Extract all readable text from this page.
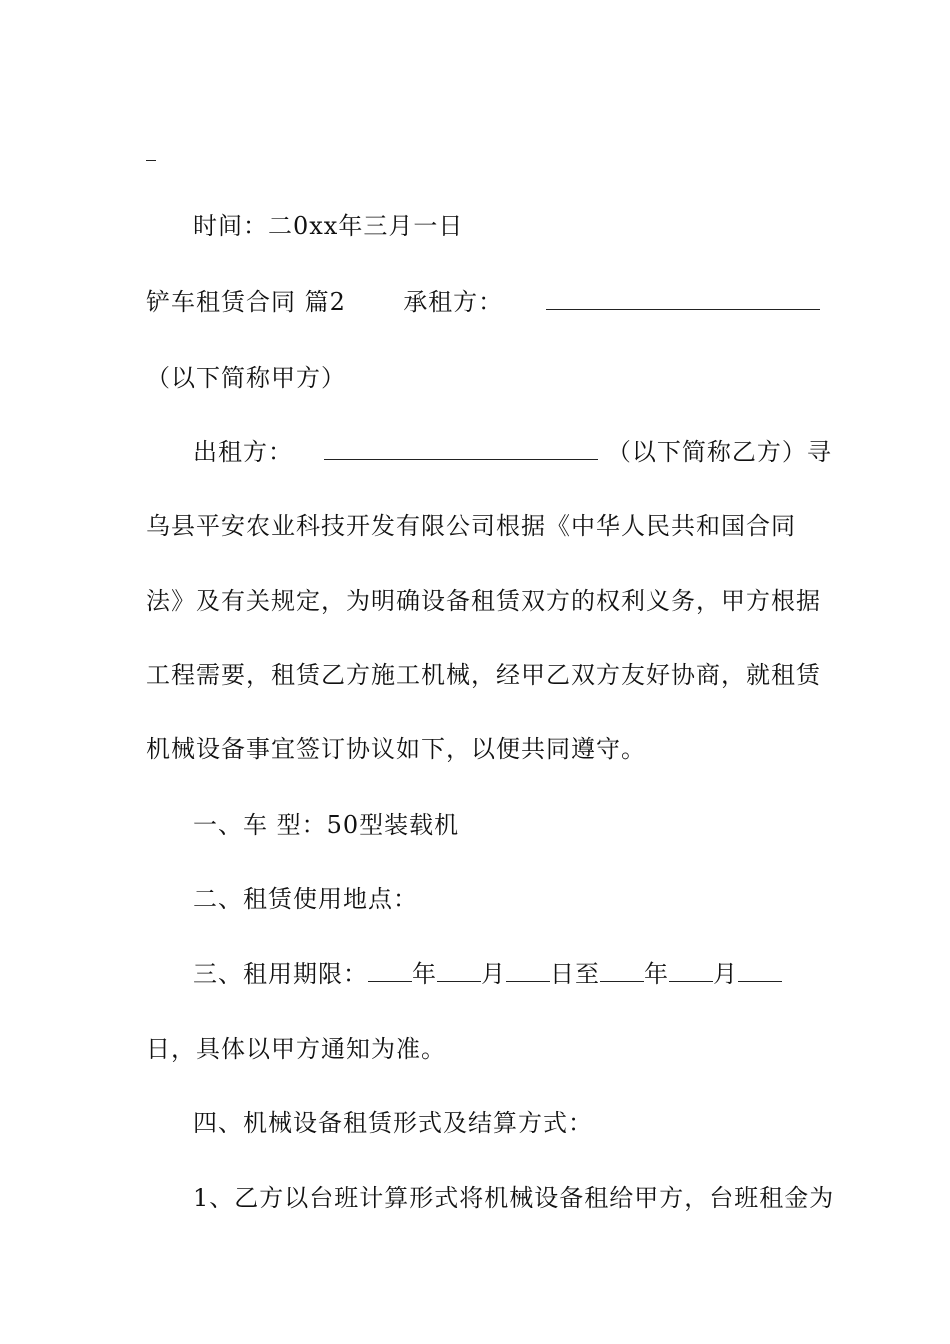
时间：二0xx年三月一日
铲车租赁合同 篇2 承租方：
（以下简称甲方）
出租方：	（以下简称乙方）寻
乌县平安农业科技开发有限公司根据《中华人民共和国合同
法》及有关规定，为明确设备租赁双方的权利义务，甲方根据
工程需要，租赁乙方施工机械，经甲乙双方友好协商，就租赁
机械设备事宜签订协议如下，以便共同遵守。
一、车 型：50型装载机
二、租赁使用地点：
三、租用期限： 年 月 日至 年 月
日，具体以甲方通知为准。
四、机械设备租赁形式及结算方式：
1、乙方以台班计算形式将机械设备租给甲方，台班租金为
